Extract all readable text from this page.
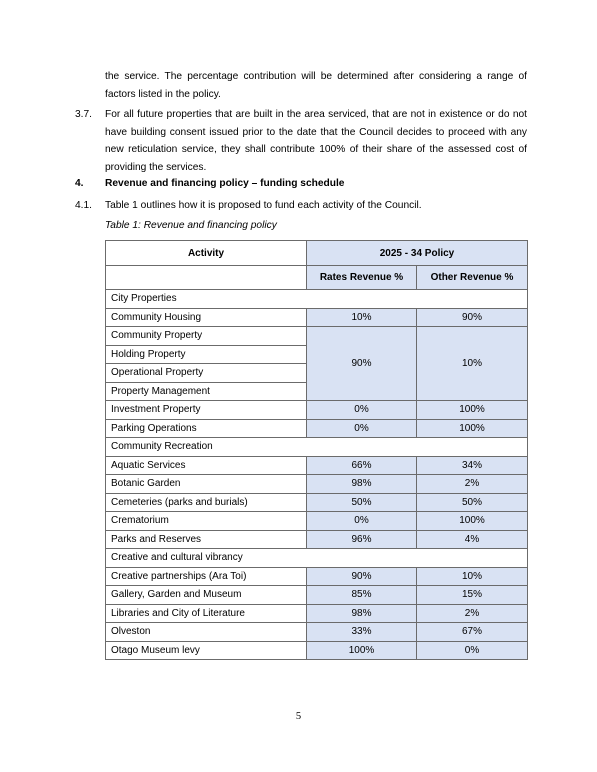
the service. The percentage contribution will be determined after considering a range of factors listed in the policy.
3.7. For all future properties that are built in the area serviced, that are not in existence or do not have building consent issued prior to the date that the Council decides to proceed with any new reticulation service, they shall contribute 100% of their share of the assessed cost of providing the services.
4. Revenue and financing policy – funding schedule
4.1. Table 1 outlines how it is proposed to fund each activity of the Council.
Table 1: Revenue and financing policy
Activity	2025 - 34 Policy	
	Rates Revenue %	Other Revenue %
City Properties		
Community Housing	10%	90%
Community Property	90%	10%
Holding Property		
Operational Property		
Property Management		
Investment Property	0%	100%
Parking Operations	0%	100%
Community Recreation		
Aquatic Services	66%	34%
Botanic Garden	98%	2%
Cemeteries (parks and burials)	50%	50%
Crematorium	0%	100%
Parks and Reserves	96%	4%
Creative and cultural vibrancy		
Creative partnerships (Ara Toi)	90%	10%
Gallery, Garden and Museum	85%	15%
Libraries and City of Literature	98%	2%
Olveston	33%	67%
Otago Museum levy	100%	0%
5
